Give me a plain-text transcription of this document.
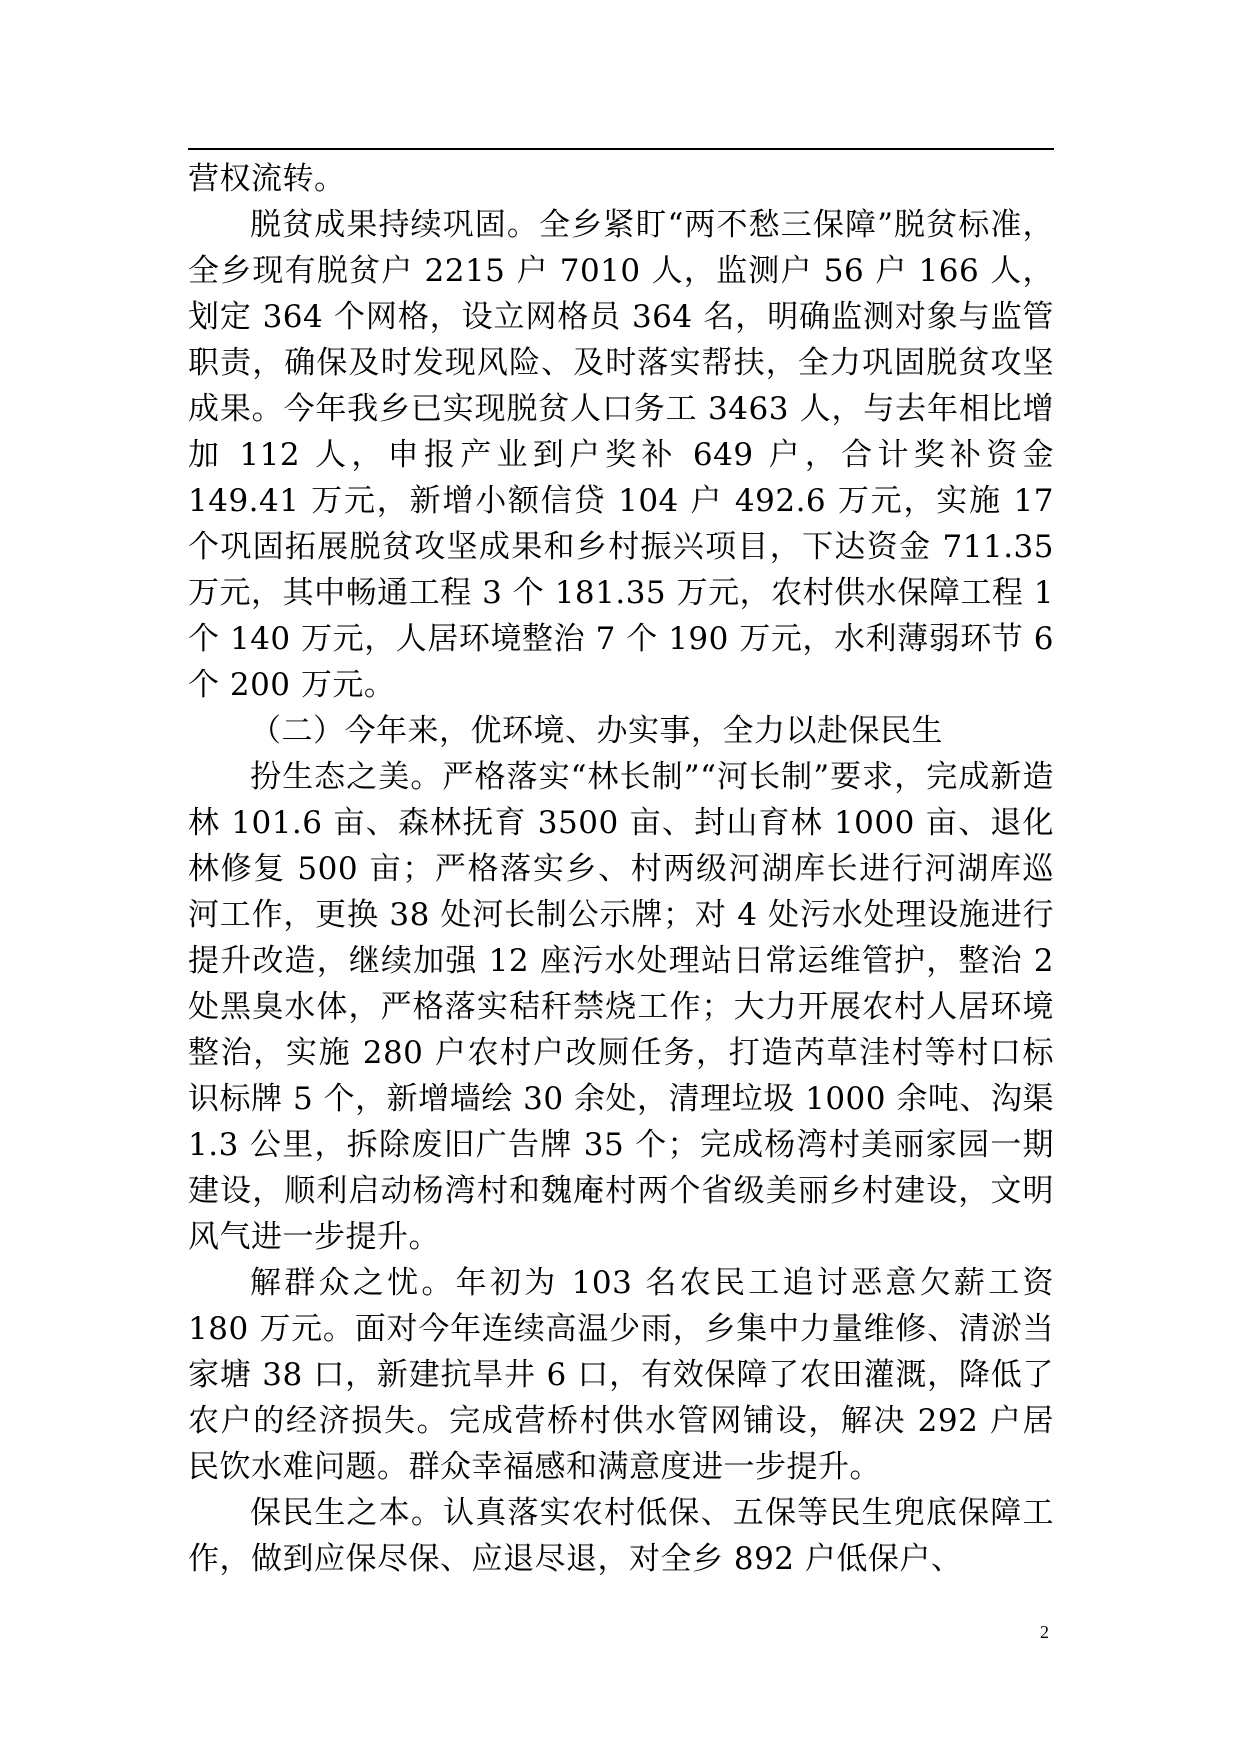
营权流转。

脱贫成果持续巩固。全乡紧盯“两不愁三保障”脱贫标准，全乡现有脱贫户 2215 户 7010 人，监测户 56 户 166 人，划定 364 个网格，设立网格员 364 名，明确监测对象与监管职责，确保及时发现风险、及时落实帮扶，全力巩固脱贫攻坚成果。今年我乡已实现脱贫人口务工 3463 人，与去年相比增加 112 人，申报产业到户奖补 649 户，合计奖补资金 149.41 万元，新增小额信贷 104 户 492.6 万元，实施 17 个巩固拓展脱贫攻坚成果和乡村振兴项目，下达资金 711.35 万元，其中畅通工程 3 个 181.35 万元，农村供水保障工程 1 个 140 万元，人居环境整治 7 个 190 万元，水利薄弱环节 6 个 200 万元。

（二）今年来，优环境、办实事，全力以赴保民生

扮生态之美。严格落实“林长制”“河长制”要求，完成新造林 101.6 亩、森林抚育 3500 亩、封山育林 1000 亩、退化林修复 500 亩；严格落实乡、村两级河湖库长进行河湖库巡河工作，更换 38 处河长制公示牌；对 4 处污水处理设施进行提升改造，继续加强 12 座污水处理站日常运维管护，整治 2 处黑臭水体，严格落实秸秆禁烧工作；大力开展农村人居环境整治，实施 280 户农村户改厕任务，打造芮草洼村等村口标识标牌 5 个，新增墙绘 30 余处，清理垃圾 1000 余吨、沟渠 1.3 公里，拆除废旧广告牌 35 个；完成杨湾村美丽家园一期建设，顺利启动杨湾村和魏庵村两个省级美丽乡村建设，文明风气进一步提升。

解群众之忧。年初为 103 名农民工追讨恶意欠薪工资 180 万元。面对今年连续高温少雨，乡集中力量维修、清淤当家塘 38 口，新建抗旱井 6 口，有效保障了农田灌溉，降低了农户的经济损失。完成营桥村供水管网铺设，解决 292 户居民饮水难问题。群众幸福感和满意度进一步提升。

保民生之本。认真落实农村低保、五保等民生兜底保障工作，做到应保尽保、应退尽退，对全乡 892 户低保户、

2
